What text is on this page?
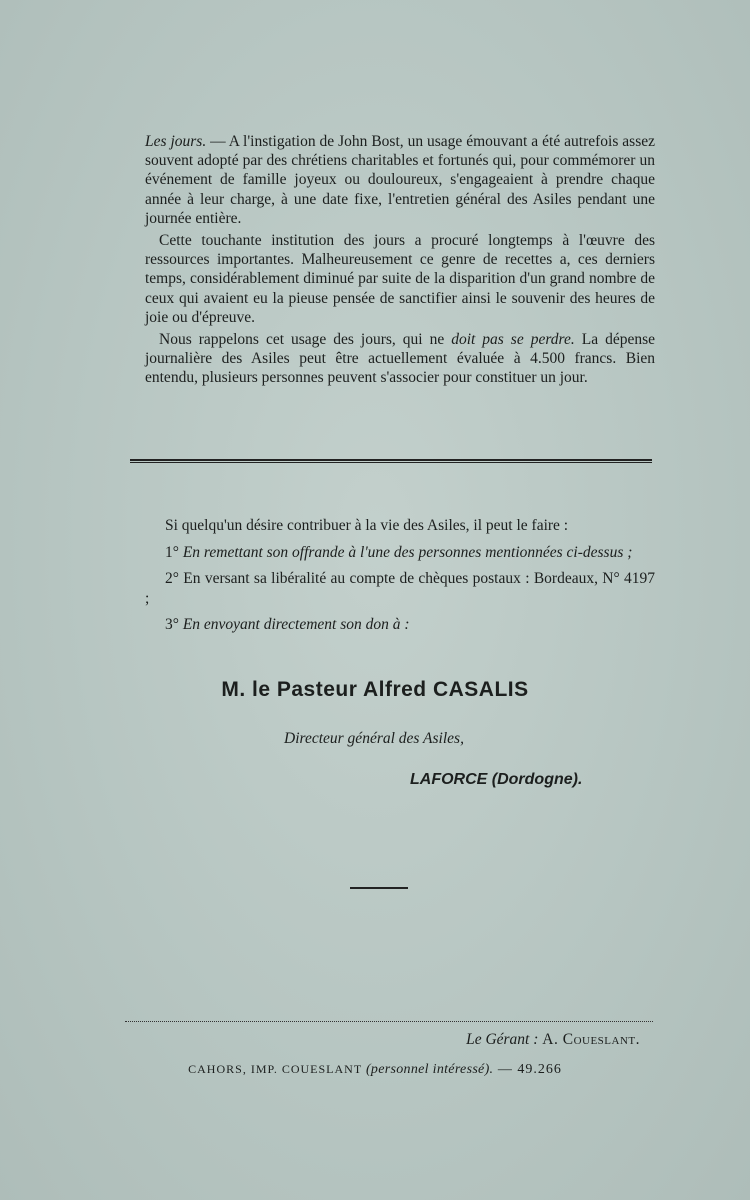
Les jours. — A l'instigation de John Bost, un usage émouvant a été autrefois assez souvent adopté par des chrétiens charitables et fortunés qui, pour commémorer un événement de famille joyeux ou douloureux, s'engageaient à prendre chaque année à leur charge, à une date fixe, l'entretien général des Asiles pendant une journée entière.

Cette touchante institution des jours a procuré longtemps à l'œuvre des ressources importantes. Malheureusement ce genre de recettes a, ces derniers temps, considérablement diminué par suite de la disparition d'un grand nombre de ceux qui avaient eu la pieuse pensée de sanctifier ainsi le souvenir des heures de joie ou d'épreuve.

Nous rappelons cet usage des jours, qui ne doit pas se perdre. La dépense journalière des Asiles peut être actuellement évaluée à 4.500 francs. Bien entendu, plusieurs personnes peuvent s'associer pour constituer un jour.

Si quelqu'un désire contribuer à la vie des Asiles, il peut le faire :

1° En remettant son offrande à l'une des personnes mentionnées ci-dessus ;

2° En versant sa libéralité au compte de chèques postaux : Bordeaux, N° 4197 ;

3° En envoyant directement son don à :

M. le Pasteur Alfred CASALIS
Directeur général des Asiles,
LAFORCE (Dordogne).
Le Gérant : A. Coueslant.
CAHORS, IMP. COUESLANT (personnel intéressé). — 49.266
